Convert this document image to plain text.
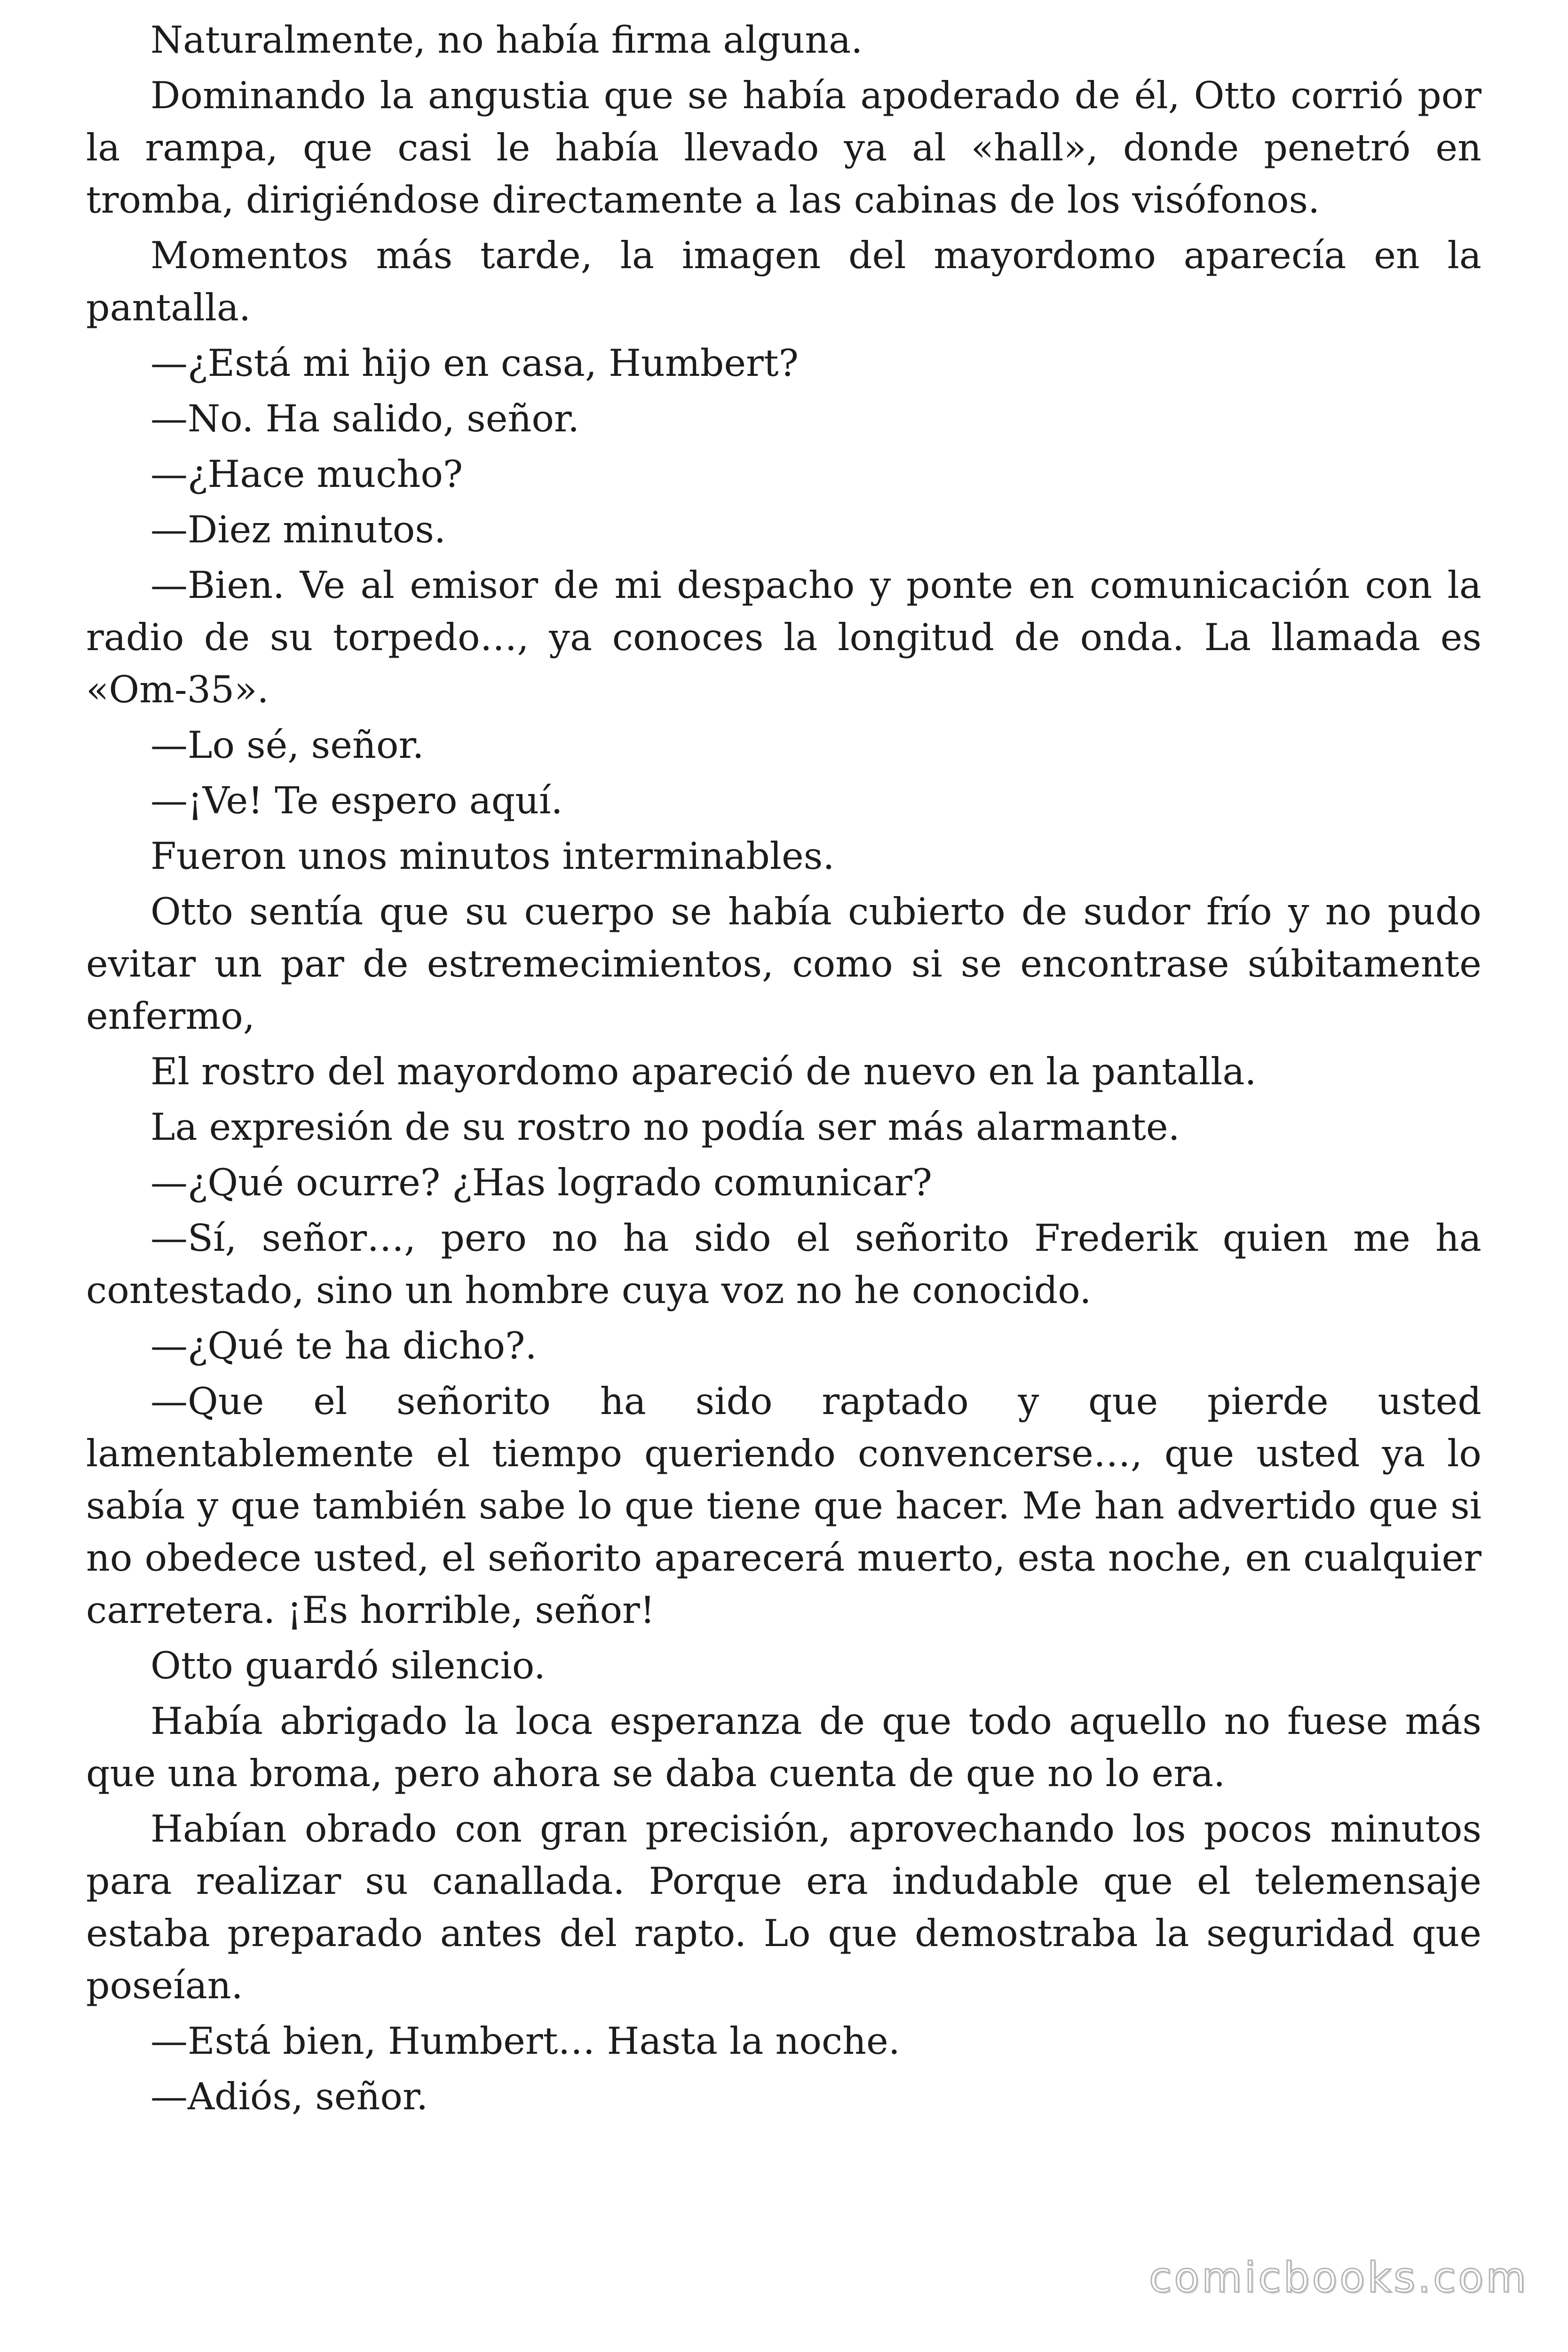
Naturalmente, no había firma alguna.

Dominando la angustia que se había apoderado de él, Otto corrió por la rampa, que casi le había llevado ya al «hall», donde penetró en tromba, dirigiéndose directamente a las cabinas de los visófonos.

Momentos más tarde, la imagen del mayordomo aparecía en la pantalla.

—¿Está mi hijo en casa, Humbert?

—No. Ha salido, señor.

—¿Hace mucho?

—Diez minutos.

—Bien. Ve al emisor de mi despacho y ponte en comunicación con la radio de su torpedo…, ya conoces la longitud de onda. La llamada es «Om-35».

—Lo sé, señor.

—¡Ve! Te espero aquí.

Fueron unos minutos interminables.

Otto sentía que su cuerpo se había cubierto de sudor frío y no pudo evitar un par de estremecimientos, como si se encontrase súbitamente enfermo,

El rostro del mayordomo apareció de nuevo en la pantalla.

La expresión de su rostro no podía ser más alarmante.

—¿Qué ocurre? ¿Has logrado comunicar?

—Sí, señor…, pero no ha sido el señorito Frederik quien me ha contestado, sino un hombre cuya voz no he conocido.

—¿Qué te ha dicho?.

—Que el señorito ha sido raptado y que pierde usted lamentablemente el tiempo queriendo convencerse…, que usted ya lo sabía y que también sabe lo que tiene que hacer. Me han advertido que si no obedece usted, el señorito aparecerá muerto, esta noche, en cualquier carretera. ¡Es horrible, señor!

Otto guardó silencio.

Había abrigado la loca esperanza de que todo aquello no fuese más que una broma, pero ahora se daba cuenta de que no lo era.

Habían obrado con gran precisión, aprovechando los pocos minutos para realizar su canallada. Porque era indudable que el telemensaje estaba preparado antes del rapto. Lo que demostraba la seguridad que poseían.

—Está bien, Humbert… Hasta la noche.

—Adiós, señor.

comicbooks.com
